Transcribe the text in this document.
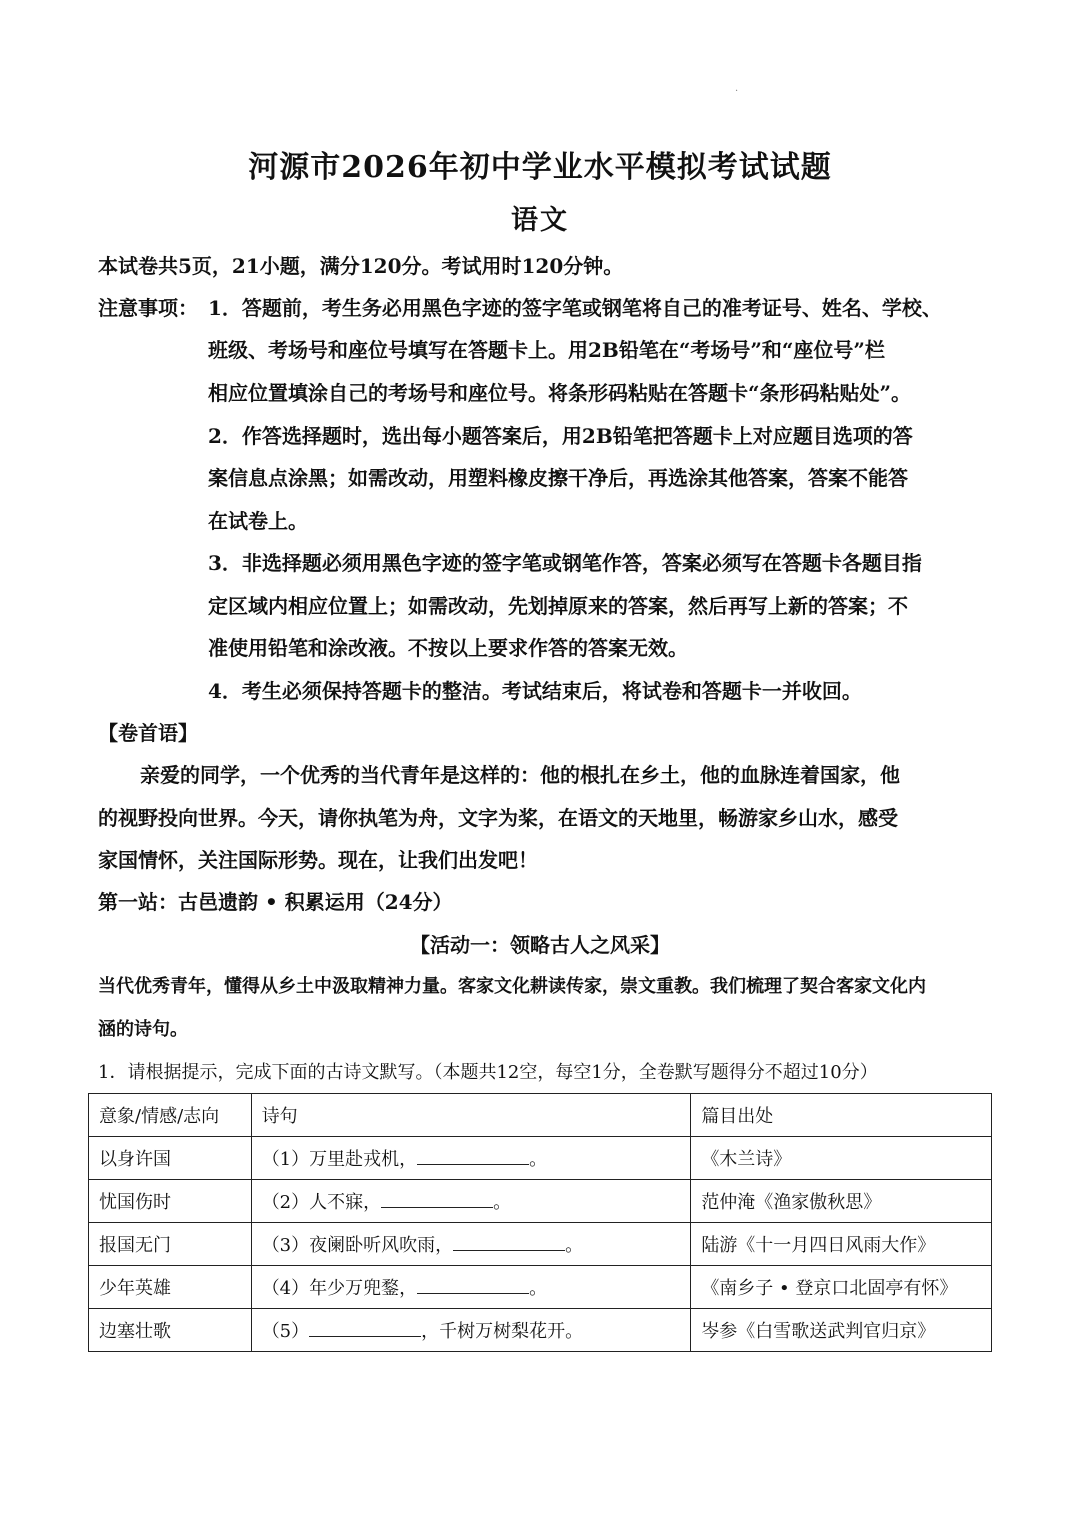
·
河源市2026年初中学业水平模拟考试试题
语文
本试卷共5页，21小题，满分120分。考试用时120分钟。
注意事项： 1．答题前，考生务必用黑色字迹的签字笔或钢笔将自己的准考证号、姓名、学校、
班级、考场号和座位号填写在答题卡上。用2B铅笔在“考场号”和“座位号”栏
相应位置填涂自己的考场号和座位号。将条形码粘贴在答题卡“条形码粘贴处”。
2．作答选择题时，选出每小题答案后，用2B铅笔把答题卡上对应题目选项的答
案信息点涂黑；如需改动，用塑料橡皮擦干净后，再选涂其他答案，答案不能答
在试卷上。
3．非选择题必须用黑色字迹的签字笔或钢笔作答，答案必须写在答题卡各题目指
定区域内相应位置上；如需改动，先划掉原来的答案，然后再写上新的答案；不
准使用铅笔和涂改液。不按以上要求作答的答案无效。
4．考生必须保持答题卡的整洁。考试结束后，将试卷和答题卡一并收回。
【卷首语】
亲爱的同学，一个优秀的当代青年是这样的：他的根扎在乡土，他的血脉连着国家，他
的视野投向世界。今天，请你执笔为舟，文字为桨，在语文的天地里，畅游家乡山水，感受
家国情怀，关注国际形势。现在，让我们出发吧！
第一站：古邑遗韵 • 积累运用（24分）
【活动一：领略古人之风采】
当代优秀青年，懂得从乡土中汲取精神力量。客家文化耕读传家，崇文重教。我们梳理了契合客家文化内
涵的诗句。
1．请根据提示，完成下面的古诗文默写。（本题共12空，每空1分，全卷默写题得分不超过10分）
意象/情感/志向	诗句	篇目出处
以身许国	（1）万里赴戎机， 。	《木兰诗》
忧国伤时	（2）人不寐， 。	范仲淹《渔家傲秋思》
报国无门	（3）夜阑卧听风吹雨， 。	陆游《十一月四日风雨大作》
少年英雄	（4）年少万兜鍪， 。	《南乡子 • 登京口北固亭有怀》
边塞壮歌	（5） ，千树万树梨花开。	岑参《白雪歌送武判官归京》
